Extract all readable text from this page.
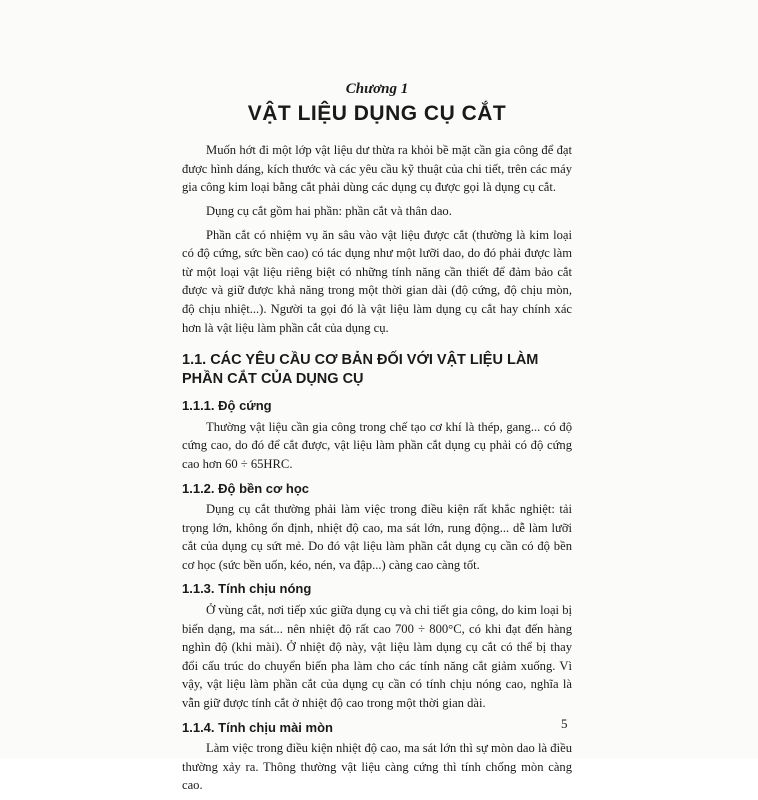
Chương 1
VẬT LIỆU DỤNG CỤ CẮT

Muốn hớt đi một lớp vật liệu dư thừa ra khỏi bề mặt cần gia công để đạt được hình dáng, kích thước và các yêu cầu kỹ thuật của chi tiết, trên các máy gia công kim loại bằng cắt phải dùng các dụng cụ được gọi là dụng cụ cắt.

Dụng cụ cắt gồm hai phần: phần cắt và thân dao.

Phần cắt có nhiệm vụ ăn sâu vào vật liệu được cắt (thường là kim loại có độ cứng, sức bền cao) có tác dụng như một lưỡi dao, do đó phải được làm từ một loại vật liệu riêng biệt có những tính năng cần thiết để đảm bảo cắt được và giữ được khả năng trong một thời gian dài (độ cứng, độ chịu mòn, độ chịu nhiệt...). Người ta gọi đó là vật liệu làm dụng cụ cắt hay chính xác hơn là vật liệu làm phần cắt của dụng cụ.

1.1. CÁC YÊU CẦU CƠ BẢN ĐỐI VỚI VẬT LIỆU LÀM PHẦN CẮT CỦA DỤNG CỤ
1.1.1. Độ cứng

Thường vật liệu cần gia công trong chế tạo cơ khí là thép, gang... có độ cứng cao, do đó để cắt được, vật liệu làm phần cắt dụng cụ phải có độ cứng cao hơn 60 ÷ 65HRC.

1.1.2. Độ bền cơ học

Dụng cụ cắt thường phải làm việc trong điều kiện rất khắc nghiệt: tải trọng lớn, không ổn định, nhiệt độ cao, ma sát lớn, rung động... dễ làm lưỡi cắt của dụng cụ sứt mẻ. Do đó vật liệu làm phần cắt dụng cụ cần có độ bền cơ học (sức bền uốn, kéo, nén, va đập...) càng cao càng tốt.

1.1.3. Tính chịu nóng

Ở vùng cắt, nơi tiếp xúc giữa dụng cụ và chi tiết gia công, do kim loại bị biến dạng, ma sát... nên nhiệt độ rất cao 700 ÷ 800°C, có khi đạt đến hàng nghìn độ (khi mài). Ở nhiệt độ này, vật liệu làm dụng cụ cắt có thể bị thay đổi cấu trúc do chuyển biến pha làm cho các tính năng cắt giảm xuống. Vì vậy, vật liệu làm phần cắt của dụng cụ cần có tính chịu nóng cao, nghĩa là vẫn giữ được tính cắt ở nhiệt độ cao trong một thời gian dài.

1.1.4. Tính chịu mài mòn

Làm việc trong điều kiện nhiệt độ cao, ma sát lớn thì sự mòn dao là điều thường xảy ra. Thông thường vật liệu càng cứng thì tính chống mòn càng cao.

5
